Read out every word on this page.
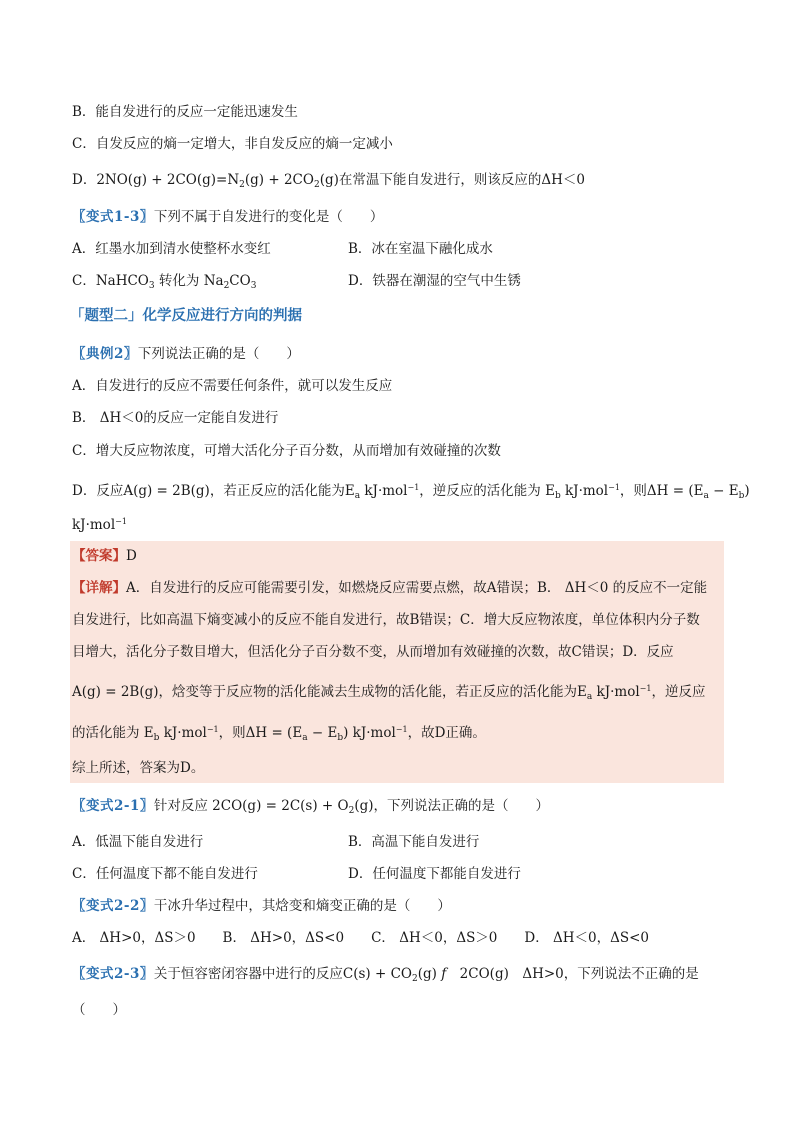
B．能自发进行的反应一定能迅速发生
C．自发反应的熵一定增大，非自发反应的熵一定减小
D．$2NO(g) + 2CO(g)=N_2(g) + 2CO_2(g)$在常温下能自发进行，则该反应的ΔH＜0
〖变式1-3〗下列不属于自发进行的变化是（　　）
A．红墨水加到清水使整杯水变红	B．冰在室温下融化成水
C．NaHCO$_3$ 转化为 $Na_2CO_3$	D．铁器在潮湿的空气中生锈
「题型二」化学反应进行方向的判据
〖典例2〗下列说法正确的是（　　）
A．自发进行的反应不需要任何条件，就可以发生反应
B． ΔH＜0的反应一定能自发进行
C．增大反应物浓度，可增大活化分子百分数，从而增加有效碰撞的次数
D．反应A(g) = 2B(g)，若正反应的活化能为$E_a$ kJ·mol$^{-1}$，逆反应的活化能为 $E_b$ kJ·mol$^{-1}$，则$\Delta H = (E_a - E_b)$
kJ·mol$^{-1}$
【答案】D
【详解】A．自发进行的反应可能需要引发，如燃烧反应需要点燃，故A错误；B． ΔH＜0 的反应不一定能
自发进行，比如高温下熵变减小的反应不能自发进行，故B错误；C．增大反应物浓度，单位体积内分子数
目增大，活化分子数目增大，但活化分子百分数不变，从而增加有效碰撞的次数，故C错误；D．反应
A(g) = 2B(g)，焓变等于反应物的活化能减去生成物的活化能，若正反应的活化能为$E_a$ kJ·mol$^{-1}$，逆反应
的活化能为 $E_b$ kJ·mol$^{-1}$，则$\Delta H = (E_a - E_b)$ kJ·mol$^{-1}$，故D正确。
综上所述，答案为D。
〖变式2-1〗针对反应 $2CO(g) = 2C(s) + O_2(g)$，下列说法正确的是（　　）
A．低温下能自发进行	B．高温下能自发进行
C．任何温度下都不能自发进行	D．任何温度下都能自发进行
〖变式2-2〗干冰升华过程中，其焓变和熵变正确的是（　　）
A． ΔH>0，ΔS＞0　　B． ΔH>0，ΔS<0　　C． ΔH＜0，ΔS＞0　　D． ΔH＜0，ΔS<0
〖变式2-3〗关于恒容密闭容器中进行的反应$C(s) + CO_2(g)$ f　2CO(g)　ΔH>0，下列说法不正确的是
（　　）
